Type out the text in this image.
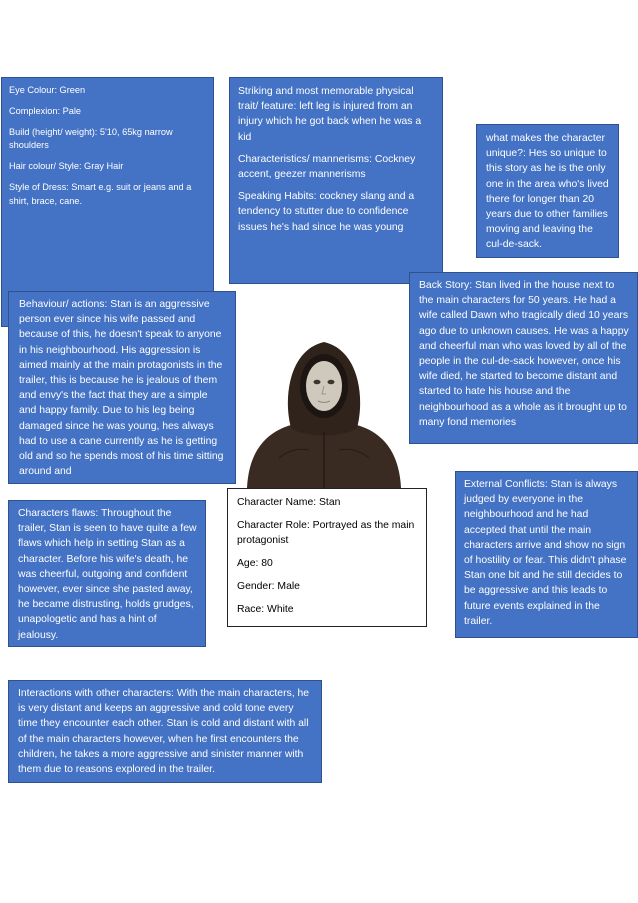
Eye Colour: Green

Complexion: Pale

Build (height/ weight): 5'10, 65kg narrow shoulders

Hair colour/ Style: Gray Hair

Style of Dress: Smart e.g. suit or jeans and a shirt, brace, cane.

Striking and most memorable physical trait/ feature: left leg is injured from an injury which he got back when he was a kid

Characteristics/ mannerisms: Cockney accent, geezer mannerisms

Speaking Habits: cockney slang and a tendency to stutter due to confidence issues he's had since he was young

what makes the character unique?: Hes so unique to this story as he is the only one in the area who's lived there for longer than 20 years due to other families moving and leaving the cul-de-sack.

Back Story: Stan lived in the house next to the main characters for 50 years. He had a wife called Dawn who tragically died 10 years ago due to unknown causes. He was a happy and cheerful man who was loved by all of the people in the cul-de-sack however, once his wife died, he started to become distant and started to hate his house and the neighbourhood as a whole as it brought up to many fond memories

Behaviour/ actions: Stan is an aggressive person ever since his wife passed and because of this, he doesn't speak to anyone in his neighbourhood. His aggression is aimed mainly at the main protagonists in the trailer, this is because he is jealous of them and envy's the fact that they are a simple and happy family. Due to his leg being damaged since he was young, hes always had to use a cane currently as he is getting old and so he spends most of his time sitting around and

Character Name: Stan

Character Role: Portrayed as the main protagonist

Age: 80

Gender: Male

Race: White

External Conflicts: Stan is always judged by everyone in the neighbourhood and he had accepted that until the main characters arrive and show no sign of hostility or fear. This didn't phase Stan one bit and he still decides to be aggressive and this leads to future events explained in the trailer.

Characters flaws: Throughout the trailer, Stan is seen to have quite a few flaws which help in setting Stan as a character. Before his wife's death, he was cheerful, outgoing and confident however, ever since she pasted away, he became distrusting, holds grudges, unapologetic and has a hint of jealousy.

Interactions with other characters: With the main characters, he is very distant and keeps an aggressive and cold tone every time they encounter each other. Stan is cold and distant with all of the main characters however, when he first encounters the children, he takes a more aggressive and sinister manner with them due to reasons explored in the trailer.
